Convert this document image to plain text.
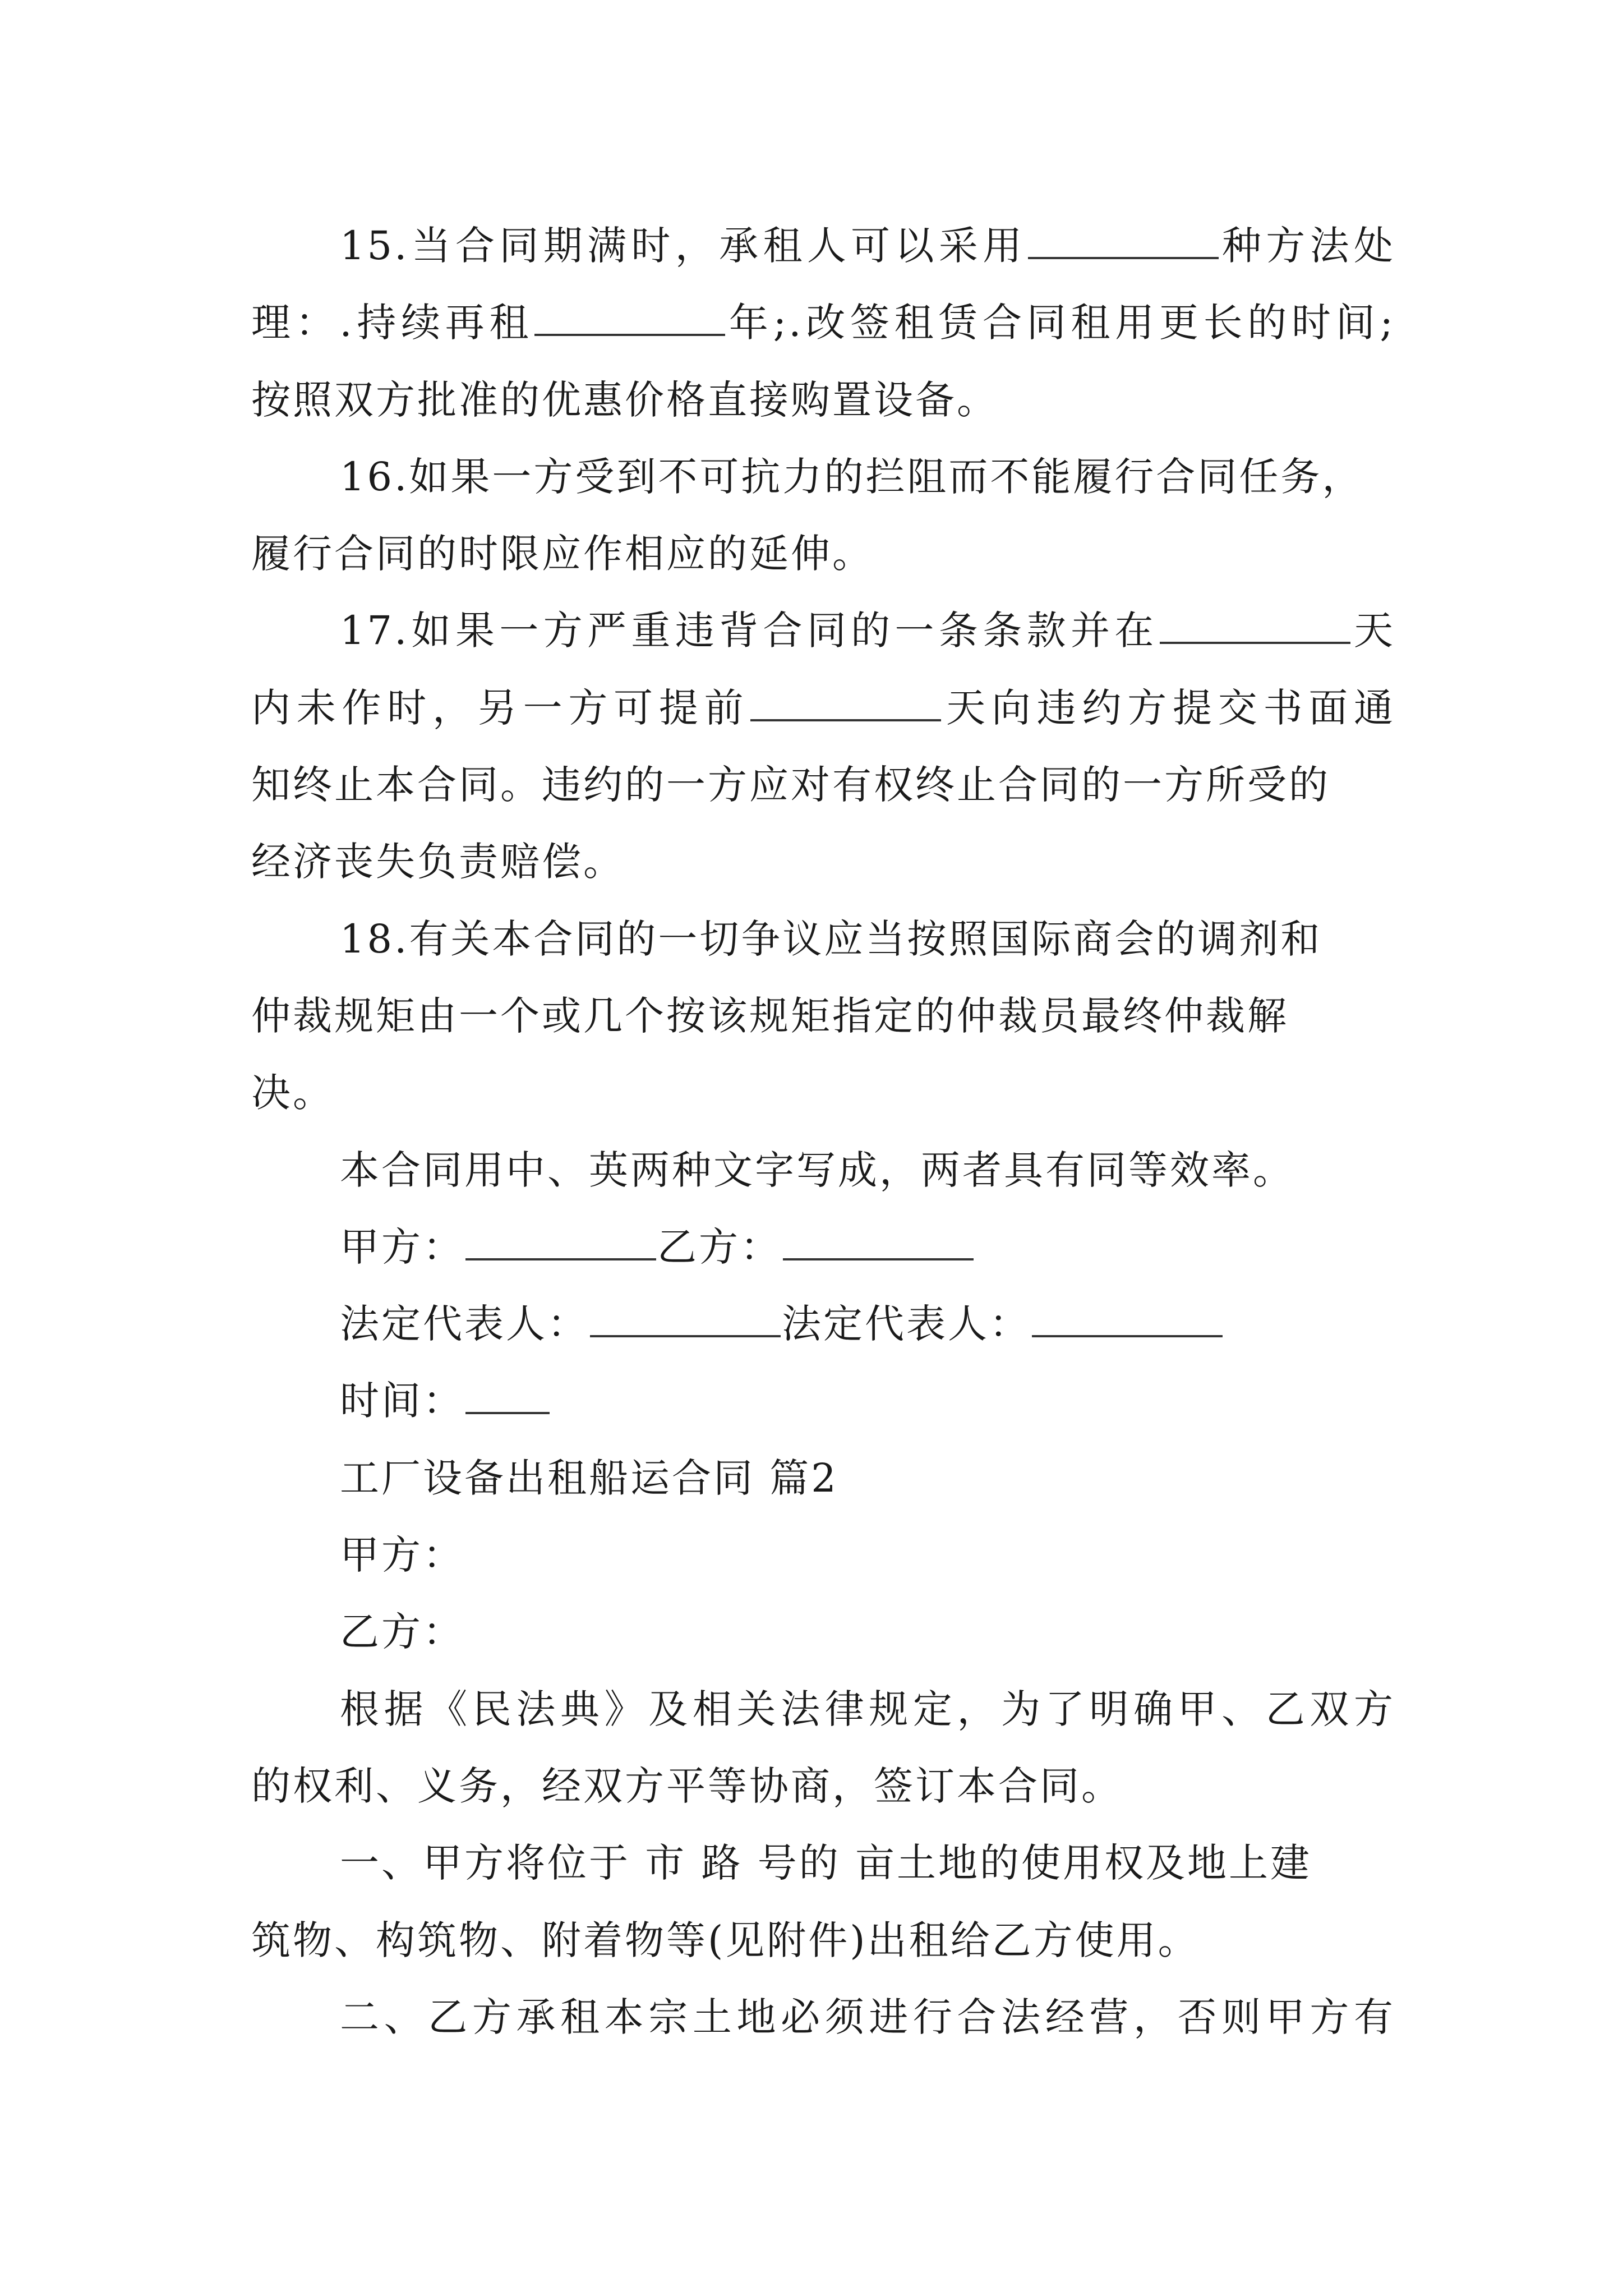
15.当合同期满时，承租人可以采用	种方法处
理：.持续再租	年;.改签租赁合同租用更长的时间;
按照双方批准的优惠价格直接购置设备。
16.如果一方受到不可抗力的拦阻而不能履行合同任务，
履行合同的时限应作相应的延伸。
17.如果一方严重违背合同的一条条款并在	天
内未作时，另一方可提前	天向违约方提交书面通
知终止本合同。违约的一方应对有权终止合同的一方所受的
经济丧失负责赔偿。
18.有关本合同的一切争议应当按照国际商会的调剂和
仲裁规矩由一个或几个按该规矩指定的仲裁员最终仲裁解
决。
本合同用中、英两种文字写成，两者具有同等效率。
甲方：	乙方：
法定代表人：	法定代表人：
时间：
工厂设备出租船运合同 篇2
甲方：
乙方：
根据《民法典》及相关法律规定，为了明确甲、乙双方
的权利、义务，经双方平等协商，签订本合同。
一、甲方将位于 市 路 号的 亩土地的使用权及地上建
筑物、构筑物、附着物等(见附件)出租给乙方使用。
二、乙方承租本宗土地必须进行合法经营，否则甲方有
